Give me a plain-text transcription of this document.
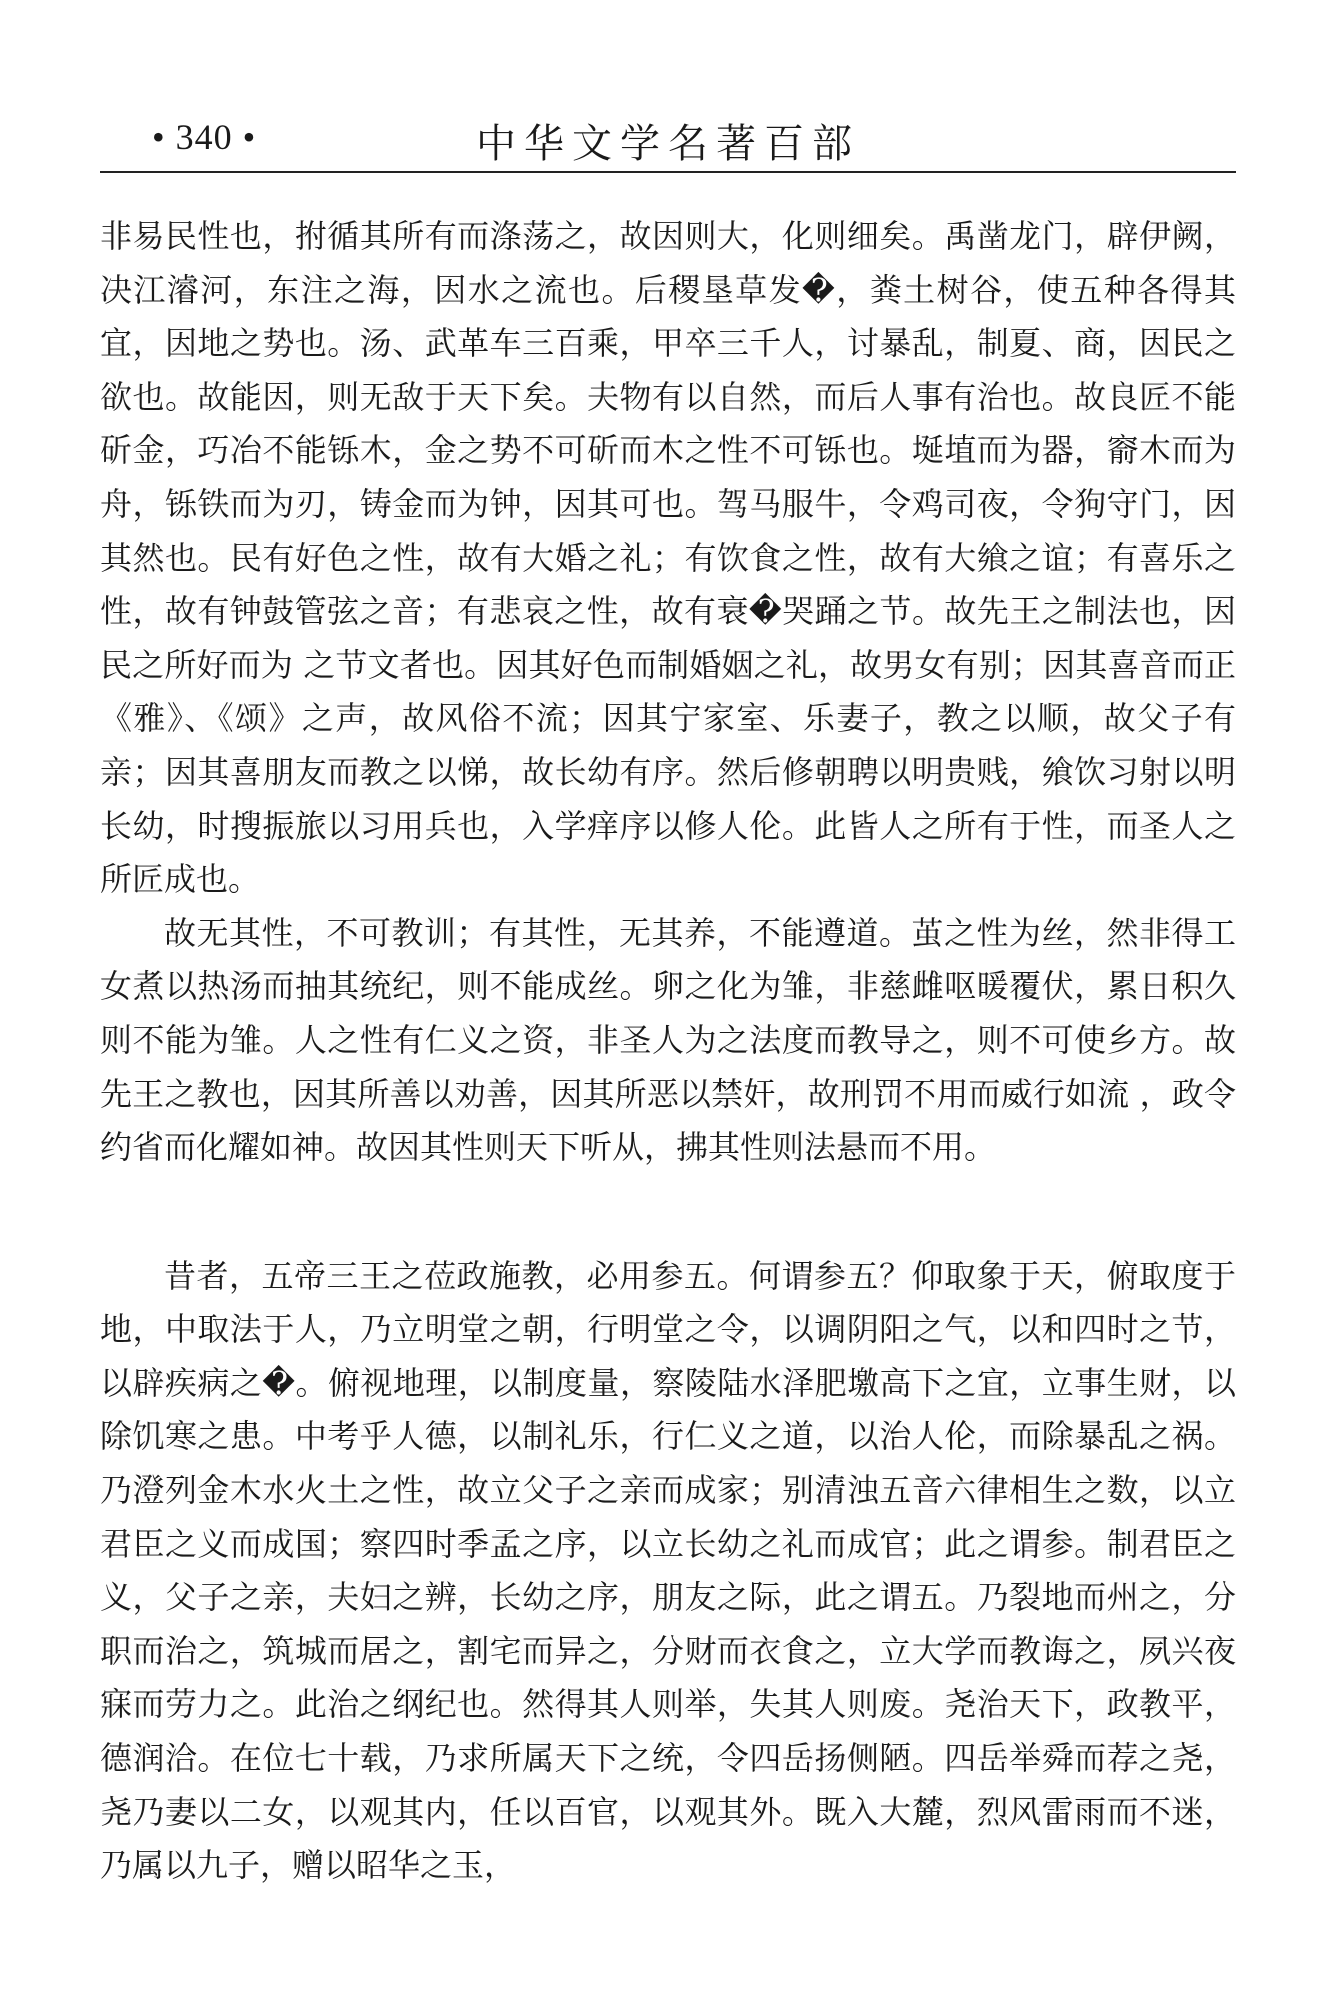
• 340 •	中华文学名著百部

非易民性也，拊循其所有而涤荡之，故因则大，化则细矣。禹凿龙门，辟伊阙，决江濬河，东注之海，因水之流也。后稷垦草发�，粪土树谷，使五种各得其宜，因地之势也。汤、武革车三百乘，甲卒三千人，讨暴乱，制夏、商，因民之欲也。故能因，则无敌于天下矣。夫物有以自然，而后人事有治也。故良匠不能斫金，巧冶不能铄木，金之势不可斫而木之性不可铄也。埏埴而为器，窬木而为舟，铄铁而为刃，铸金而为钟，因其可也。驾马服牛，令鸡司夜，令狗守门，因其然也。民有好色之性，故有大婚之礼；有饮食之性，故有大飨之谊；有喜乐之性，故有钟鼓管弦之音；有悲哀之性，故有衰�哭踊之节。故先王之制法也，因民之所好而为 之节文者也。因其好色而制婚姻之礼，故男女有别；因其喜音而正《雅》、《颂》之声，故风俗不流；因其宁家室、乐妻子，教之以顺，故父子有亲；因其喜朋友而教之以悌，故长幼有序。然后修朝聘以明贵贱，飨饮习射以明长幼，时搜振旅以习用兵也，入学痒序以修人伦。此皆人之所有于性，而圣人之所匠成也。

故无其性，不可教训；有其性，无其养，不能遵道。茧之性为丝，然非得工女煮以热汤而抽其统纪，则不能成丝。卵之化为雏，非慈雌呕暖覆伏，累日积久则不能为雏。人之性有仁义之资，非圣人为之法度而教导之，则不可使乡方。故先王之教也，因其所善以劝善，因其所恶以禁奸，故刑罚不用而威行如流 ，政令约省而化耀如神。故因其性则天下听从，拂其性则法悬而不用。

昔者，五帝三王之莅政施教，必用参五。何谓参五？仰取象于天，俯取度于地，中取法于人，乃立明堂之朝，行明堂之令，以调阴阳之气，以和四时之节，以辟疾病之�。俯视地理，以制度量，察陵陆水泽肥墽高下之宜，立事生财，以除饥寒之患。中考乎人德，以制礼乐，行仁义之道，以治人伦，而除暴乱之祸。乃澄列金木水火土之性，故立父子之亲而成家；别清浊五音六律相生之数，以立君臣之义而成国；察四时季孟之序，以立长幼之礼而成官；此之谓参。制君臣之义，父子之亲，夫妇之辨，长幼之序，朋友之际，此之谓五。乃裂地而州之，分职而治之，筑城而居之，割宅而异之，分财而衣食之，立大学而教诲之，夙兴夜寐而劳力之。此治之纲纪也。然得其人则举，失其人则废。尧治天下，政教平，德润洽。在位七十载，乃求所属天下之统，令四岳扬侧陋。四岳举舜而荐之尧，尧乃妻以二女，以观其内，任以百官，以观其外。既入大麓，烈风雷雨而不迷，乃属以九子，赠以昭华之玉，
